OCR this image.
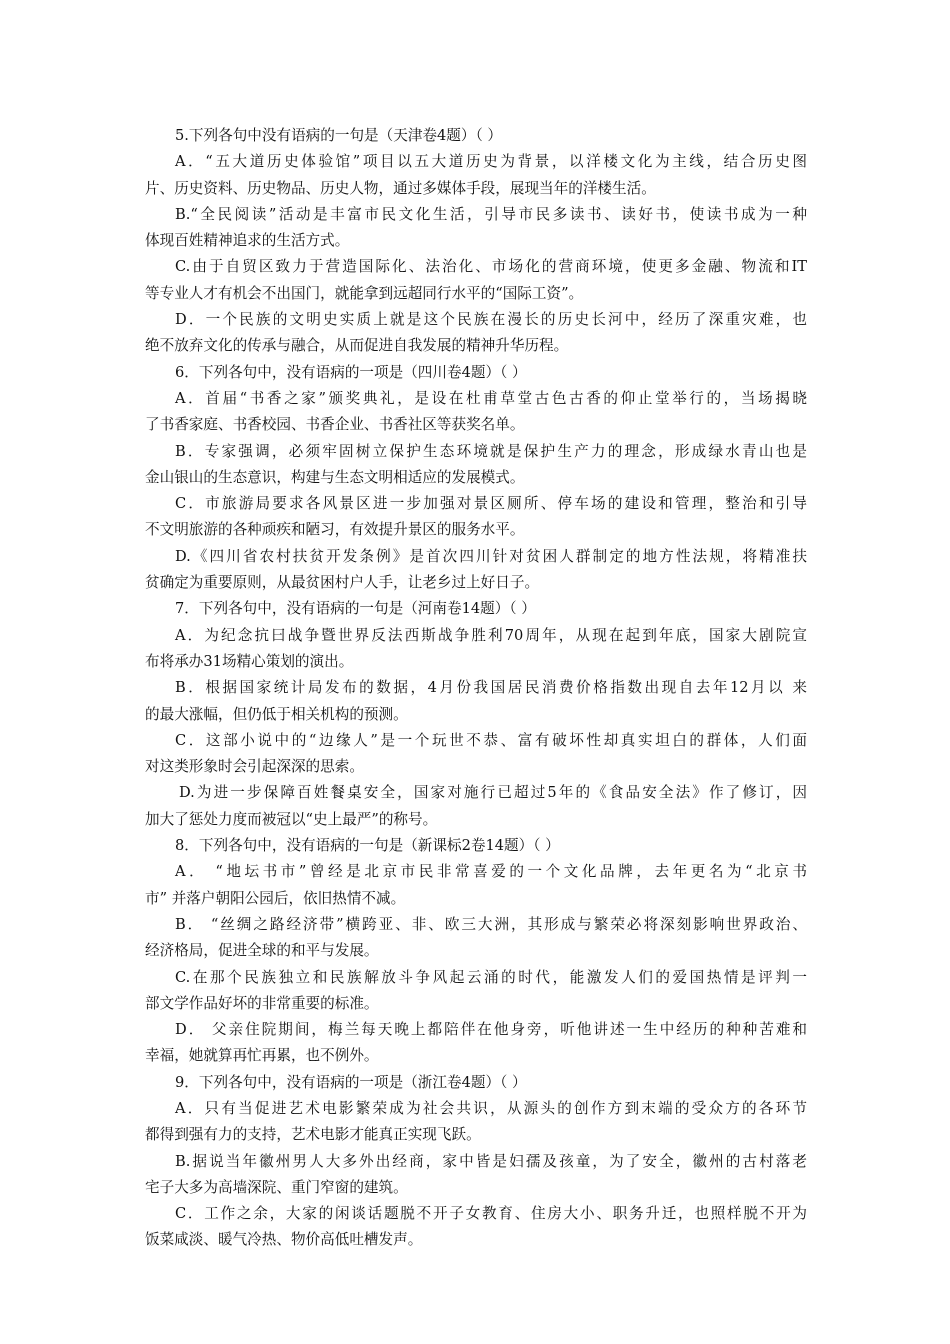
5.下列各句中没有语病的一句是（天津卷4题）（ ）
A．“五大道历史体验馆”项目以五大道历史为背景，以洋楼文化为主线，结合历史图
片、历史资料、历史物品、历史人物，通过多媒体手段，展现当年的洋楼生活。
B.“全民阅读”活动是丰富市民文化生活，引导市民多读书、读好书，使读书成为一种
体现百姓精神追求的生活方式。
C.由于自贸区致力于营造国际化、法治化、市场化的营商环境，使更多金融、物流和IT
等专业人才有机会不出国门，就能拿到远超同行水平的“国际工资”。
D．一个民族的文明史实质上就是这个民族在漫长的历史长河中，经历了深重灾难，也
绝不放弃文化的传承与融合，从而促进自我发展的精神升华历程。
6．下列各句中，没有语病的一项是（四川卷4题）（ ）
A．首届“书香之家”颁奖典礼，是设在杜甫草堂古色古香的仰止堂举行的，当场揭晓
了书香家庭、书香校园、书香企业、书香社区等获奖名单。
B．专家强调，必须牢固树立保护生态环境就是保护生产力的理念，形成绿水青山也是
金山银山的生态意识，构建与生态文明相适应的发展模式。
C．市旅游局要求各风景区进一步加强对景区厕所、停车场的建设和管理，整治和引导
不文明旅游的各种顽疾和陋习，有效提升景区的服务水平。
D.《四川省农村扶贫开发条例》是首次四川针对贫困人群制定的地方性法规，将精准扶
贫确定为重要原则，从最贫困村户人手，让老乡过上好日子。
7．下列各句中，没有语病的一句是（河南卷14题）（ ）
A．为纪念抗曰战争暨世界反法西斯战争胜利70周年，从现在起到年底，国家大剧院宣
布将承办31场精心策划的演出。
B．根据国家统计局发布的数据，4月份我国居民消费价格指数出现自去年12月以 来
的最大涨幅，但仍低于相关机构的预测。
C．这部小说中的“边缘人”是一个玩世不恭、富有破坏性却真实坦白的群体，人们面
对这类形象时会引起深深的思索。
D.为进一步保障百姓餐桌安全，国家对施行已超过5年的《食品安全法》作了修订，因
加大了惩处力度而被冠以“史上最严”的称号。
8．下列各句中，没有语病的一句是（新课标2卷14题）（ ）
A． “地坛书市”曾经是北京市民非常喜爱的一个文化品牌，去年更名为“北京书
市” 并落户朝阳公园后，依旧热情不减。
B． “丝绸之路经济带”横跨亚、非、欧三大洲，其形成与繁荣必将深刻影响世界政治、
经济格局，促进全球的和平与发展。
C.在那个民族独立和民族解放斗争风起云涌的时代，能激发人们的爱国热情是评判一
部文学作品好坏的非常重要的标准。
D． 父亲住院期间，梅兰每天晚上都陪伴在他身旁，听他讲述一生中经历的种种苦难和
幸福，她就算再忙再累，也不例外。
9．下列各句中，没有语病的一项是（浙江卷4题）（ ）
A．只有当促进艺术电影繁荣成为社会共识，从源头的创作方到末端的受众方的各环节
都得到强有力的支持，艺术电影才能真正实现飞跃。
B.据说当年徽州男人大多外出经商，家中皆是妇孺及孩童，为了安全，徽州的古村落老
宅子大多为高墙深院、重门窄窗的建筑。
C．工作之余，大家的闲谈话题脱不开子女教育、住房大小、职务升迁，也照样脱不开为
饭菜咸淡、暖气冷热、物价高低吐槽发声。
